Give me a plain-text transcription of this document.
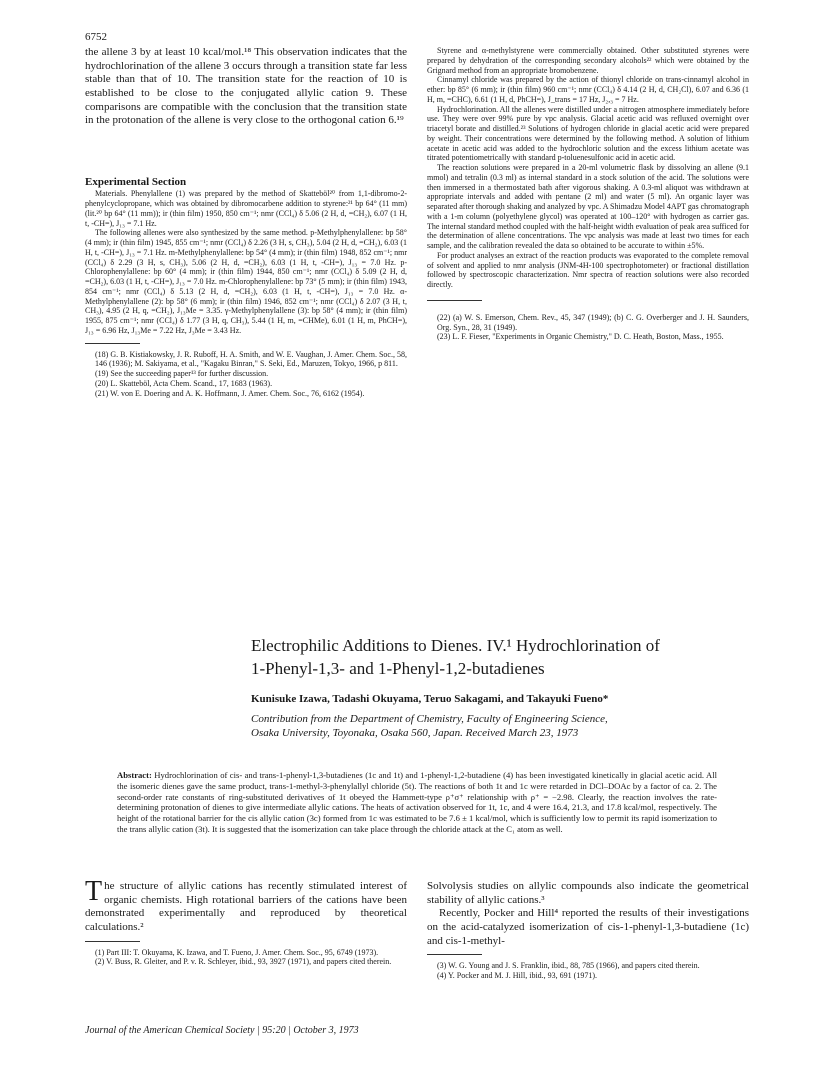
6752

the allene 3 by at least 10 kcal/mol.¹⁸ This observation indicates that the hydrochlorination of the allene 3 occurs through a transition state far less stable than that of 10. The transition state for the reaction of 10 is established to be close to the conjugated allylic cation 9. These comparisons are compatible with the conclusion that the transition state in the protonation of the allene is very close to the orthogonal cation 6.¹⁹

Experimental Section

Materials. Phenylallene (1) was prepared by the method of Skatteböl²⁰ from 1,1-dibromo-2-phenylcyclopropane, which was obtained by dibromocarbene addition to styrene:²¹ bp 64° (11 mm) (lit.²⁰ bp 64° (11 mm)); ir (thin film) 1950, 850 cm⁻¹; nmr (CCl₄) δ 5.06 (2 H, d, =CH₂), 6.07 (1 H, t, -CH=), J₁₃ = 7.1 Hz.

The following allenes were also synthesized by the same method. p-Methylphenylallene: bp 58° (4 mm); ir (thin film) 1945, 855 cm⁻¹; nmr (CCl₄) δ 2.26 (3 H, s, CH₃), 5.04 (2 H, d, =CH₂), 6.03 (1 H, t, -CH=), J₁₃ = 7.1 Hz. m-Methylphenylallene: bp 54° (4 mm); ir (thin film) 1948, 852 cm⁻¹; nmr (CCl₄) δ 2.29 (3 H, s, CH₃), 5.06 (2 H, d, =CH₂), 6.03 (1 H, t, -CH=), J₁₃ = 7.0 Hz. p-Chlorophenylallene: bp 60° (4 mm); ir (thin film) 1944, 850 cm⁻¹; nmr (CCl₄) δ 5.09 (2 H, d, =CH₂), 6.03 (1 H, t, -CH=), J₁₃ = 7.0 Hz. m-Chlorophenylallene: bp 73° (5 mm); ir (thin film) 1943, 854 cm⁻¹; nmr (CCl₄) δ 5.13 (2 H, d, =CH₂), 6.03 (1 H, t, -CH=), J₁₃ = 7.0 Hz. α-Methylphenylallene (2): bp 58° (6 mm); ir (thin film) 1946, 852 cm⁻¹; nmr (CCl₄) δ 2.07 (3 H, t, CH₃), 4.95 (2 H, q, =CH₂), J₁₃Me = 3.35. γ-Methylphenylallene (3): bp 58° (4 mm); ir (thin film) 1955, 875 cm⁻¹; nmr (CCl₄) δ 1.77 (3 H, q, CH₃), 5.44 (1 H, m, =CHMe), 6.01 (1 H, m, PhCH=), J₁₃ = 6.96 Hz, J₁₃Me = 7.22 Hz, J₃Me = 3.43 Hz.

(18) G. B. Kistiakowsky, J. R. Ruboff, H. A. Smith, and W. E. Vaughan, J. Amer. Chem. Soc., 58, 146 (1936); M. Sakiyama, et al., "Kagaku Binran," S. Seki, Ed., Maruzen, Tokyo, 1966, p 811.

(19) See the succeeding paper¹³ for further discussion.

(20) L. Skatteböl, Acta Chem. Scand., 17, 1683 (1963).

(21) W. von E. Doering and A. K. Hoffmann, J. Amer. Chem. Soc., 76, 6162 (1954).

Styrene and α-methylstyrene were commercially obtained. Other substituted styrenes were prepared by dehydration of the corresponding secondary alcohols²² which were obtained by the Grignard method from an appropriate bromobenzene.

Cinnamyl chloride was prepared by the action of thionyl chloride on trans-cinnamyl alcohol in ether: bp 85° (6 mm); ir (thin film) 960 cm⁻¹; nmr (CCl₄) δ 4.14 (2 H, d, CH₂Cl), 6.07 and 6.36 (1 H, m, =CHC), 6.61 (1 H, d, PhCH=), J_trans = 17 Hz, J₂,₃ = 7 Hz.

Hydrochlorination. All the allenes were distilled under a nitrogen atmosphere immediately before use. They were over 99% pure by vpc analysis. Glacial acetic acid was refluxed overnight over triacetyl borate and distilled.²³ Solutions of hydrogen chloride in glacial acetic acid were prepared by weight. Their concentrations were determined by the following method. A solution of lithium acetate in acetic acid was added to the hydrochloric solution and the excess lithium acetate was titrated potentiometrically with standard p-toluenesulfonic acid in acetic acid.

The reaction solutions were prepared in a 20-ml volumetric flask by dissolving an allene (9.1 mmol) and tetralin (0.3 ml) as internal standard in a stock solution of the acid. The solutions were then immersed in a thermostated bath after vigorous shaking. A 0.3-ml aliquot was withdrawn at appropriate intervals and added with pentane (2 ml) and water (5 ml). An organic layer was separated after thorough shaking and analyzed by vpc. A Shimadzu Model 4APT gas chromatograph with a 1-m column (polyethylene glycol) was operated at 100–120° with hydrogen as carrier gas. The internal standard method coupled with the half-height width evaluation of peak area sufficed for the determination of allene concentrations. The vpc analysis was made at least two times for each sample, and the calibration revealed the data so obtained to be accurate to within ±5%.

For product analyses an extract of the reaction products was evaporated to the complete removal of solvent and applied to nmr analysis (JNM-4H-100 spectrophotometer) or fractional distillation followed by spectroscopic characterization. Nmr spectra of reaction solutions were also recorded directly.

(22) (a) W. S. Emerson, Chem. Rev., 45, 347 (1949); (b) C. G. Overberger and J. H. Saunders, Org. Syn., 28, 31 (1949).

(23) L. F. Fieser, "Experiments in Organic Chemistry," D. C. Heath, Boston, Mass., 1955.

Electrophilic Additions to Dienes. IV.¹ Hydrochlorination of
1-Phenyl-1,3- and 1-Phenyl-1,2-butadienes
Kunisuke Izawa, Tadashi Okuyama, Teruo Sakagami, and Takayuki Fueno*
Contribution from the Department of Chemistry, Faculty of Engineering Science,
Osaka University, Toyonaka, Osaka 560, Japan. Received March 23, 1973
Abstract: Hydrochlorination of cis- and trans-1-phenyl-1,3-butadienes (1c and 1t) and 1-phenyl-1,2-butadiene (4) has been investigated kinetically in glacial acetic acid. All the isomeric dienes gave the same product, trans-1-methyl-3-phenylallyl chloride (5t). The reactions of both 1t and 1c were retarded in DCl–DOAc by a factor of ca. 2. The second-order rate constants of ring-substituted derivatives of 1t obeyed the Hammett-type ρ⁺σ⁺ relationship with ρ⁺ = −2.98. Clearly, the reaction involves the rate-determining protonation of dienes to give intermediate allylic cations. The heats of activation observed for 1t, 1c, and 4 were 16.4, 21.3, and 17.8 kcal/mol, respectively. The height of the rotational barrier for the cis allylic cation (3c) formed from 1c was estimated to be 7.6 ± 1 kcal/mol, which is sufficiently low to permit its rapid isomerization to the trans allylic cation (3t). It is suggested that the isomerization can take place through the chloride attack at the C₁ atom as well.

The structure of allylic cations has recently stimulated interest of organic chemists. High rotational barriers of the cations have been demonstrated experimentally and reproduced by theoretical calculations.²

(1) Part III: T. Okuyama, K. Izawa, and T. Fueno, J. Amer. Chem. Soc., 95, 6749 (1973).

(2) V. Buss, R. Gleiter, and P. v. R. Schleyer, ibid., 93, 3927 (1971), and papers cited therein.

Solvolysis studies on allylic compounds also indicate the geometrical stability of allylic cations.³

Recently, Pocker and Hill⁴ reported the results of their investigations on the acid-catalyzed isomerization of cis-1-phenyl-1,3-butadiene (1c) and cis-1-methyl-

(3) W. G. Young and J. S. Franklin, ibid., 88, 785 (1966), and papers cited therein.

(4) Y. Pocker and M. J. Hill, ibid., 93, 691 (1971).

Journal of the American Chemical Society | 95:20 | October 3, 1973
